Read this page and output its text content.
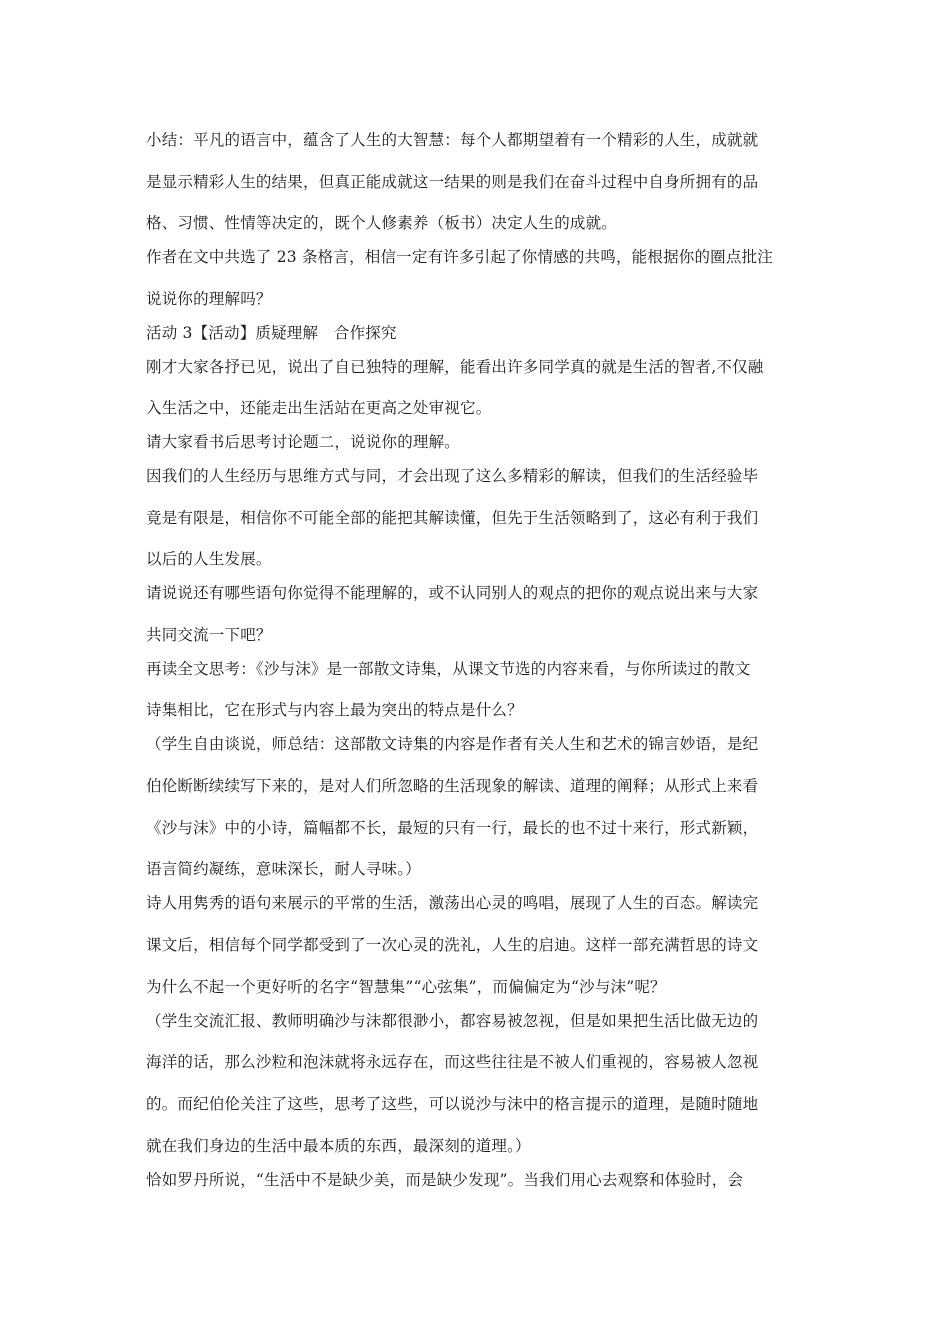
小结：平凡的语言中，蕴含了人生的大智慧：每个人都期望着有一个精彩的人生，成就就
是显示精彩人生的结果，但真正能成就这一结果的则是我们在奋斗过程中自身所拥有的品
格、习惯、性情等决定的，既个人修素养（板书）决定人生的成就。
作者在文中共选了 23 条格言，相信一定有许多引起了你情感的共鸣，能根据你的圈点批注
说说你的理解吗？
活动 3【活动】质疑理解　合作探究
刚才大家各抒已见，说出了自已独特的理解，能看出许多同学真的就是生活的智者,不仅融
入生活之中，还能走出生活站在更高之处审视它。
请大家看书后思考讨论题二，说说你的理解。
因我们的人生经历与思维方式与同，才会出现了这么多精彩的解读，但我们的生活经验毕
竟是有限是，相信你不可能全部的能把其解读懂，但先于生活领略到了，这必有利于我们
以后的人生发展。
请说说还有哪些语句你觉得不能理解的，或不认同别人的观点的把你的观点说出来与大家
共同交流一下吧？
再读全文思考：《沙与沫》是一部散文诗集，从课文节选的内容来看，与你所读过的散文
诗集相比，它在形式与内容上最为突出的特点是什么？
（学生自由谈说，师总结：这部散文诗集的内容是作者有关人生和艺术的锦言妙语，是纪
伯伦断断续续写下来的，是对人们所忽略的生活现象的解读、道理的阐释；从形式上来看
《沙与沫》中的小诗，篇幅都不长，最短的只有一行，最长的也不过十来行，形式新颖，
语言简约凝练，意味深长，耐人寻味。）
诗人用隽秀的语句来展示的平常的生活，激荡出心灵的鸣唱，展现了人生的百态。解读完
课文后，相信每个同学都受到了一次心灵的洗礼，人生的启迪。这样一部充满哲思的诗文
为什么不起一个更好听的名字“智慧集”“心弦集”，而偏偏定为“沙与沫”呢？
（学生交流汇报、教师明确沙与沫都很渺小，都容易被忽视，但是如果把生活比做无边的
海洋的话，那么沙粒和泡沫就将永远存在，而这些往往是不被人们重视的，容易被人忽视
的。而纪伯伦关注了这些，思考了这些，可以说沙与沫中的格言提示的道理，是随时随地
就在我们身边的生活中最本质的东西，最深刻的道理。）
恰如罗丹所说，“生活中不是缺少美，而是缺少发现”。当我们用心去观察和体验时，会
